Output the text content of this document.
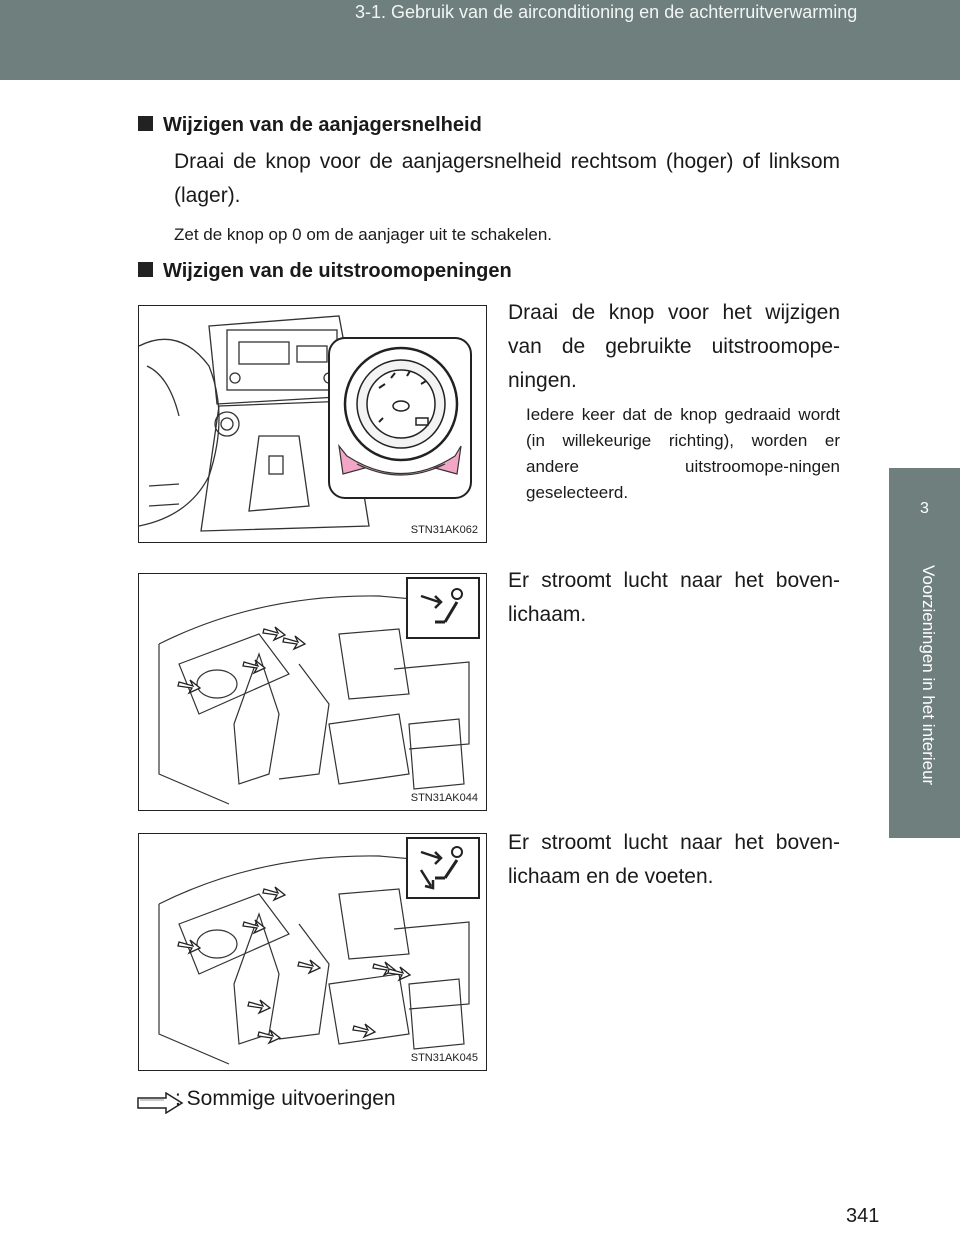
3-1. Gebruik van de airconditioning en de achterruitverwarming
3
Voorzieningen in het interieur
Wijzigen van de aanjagersnelheid
Draai de knop voor de aanjagersnelheid rechtsom (hoger) of linksom (lager).
Zet de knop op 0 om de aanjager uit te schakelen.
Wijzigen van de uitstroomopeningen
STN31AK062
Draai de knop voor het wijzigen van de gebruikte uitstroomope-ningen.
Iedere keer dat de knop gedraaid wordt (in willekeurige richting), worden er andere uitstroomope-ningen geselecteerd.
STN31AK044
Er stroomt lucht naar het boven-lichaam.
STN31AK045
Er stroomt lucht naar het boven-lichaam en de voeten.
: Sommige uitvoeringen
341
